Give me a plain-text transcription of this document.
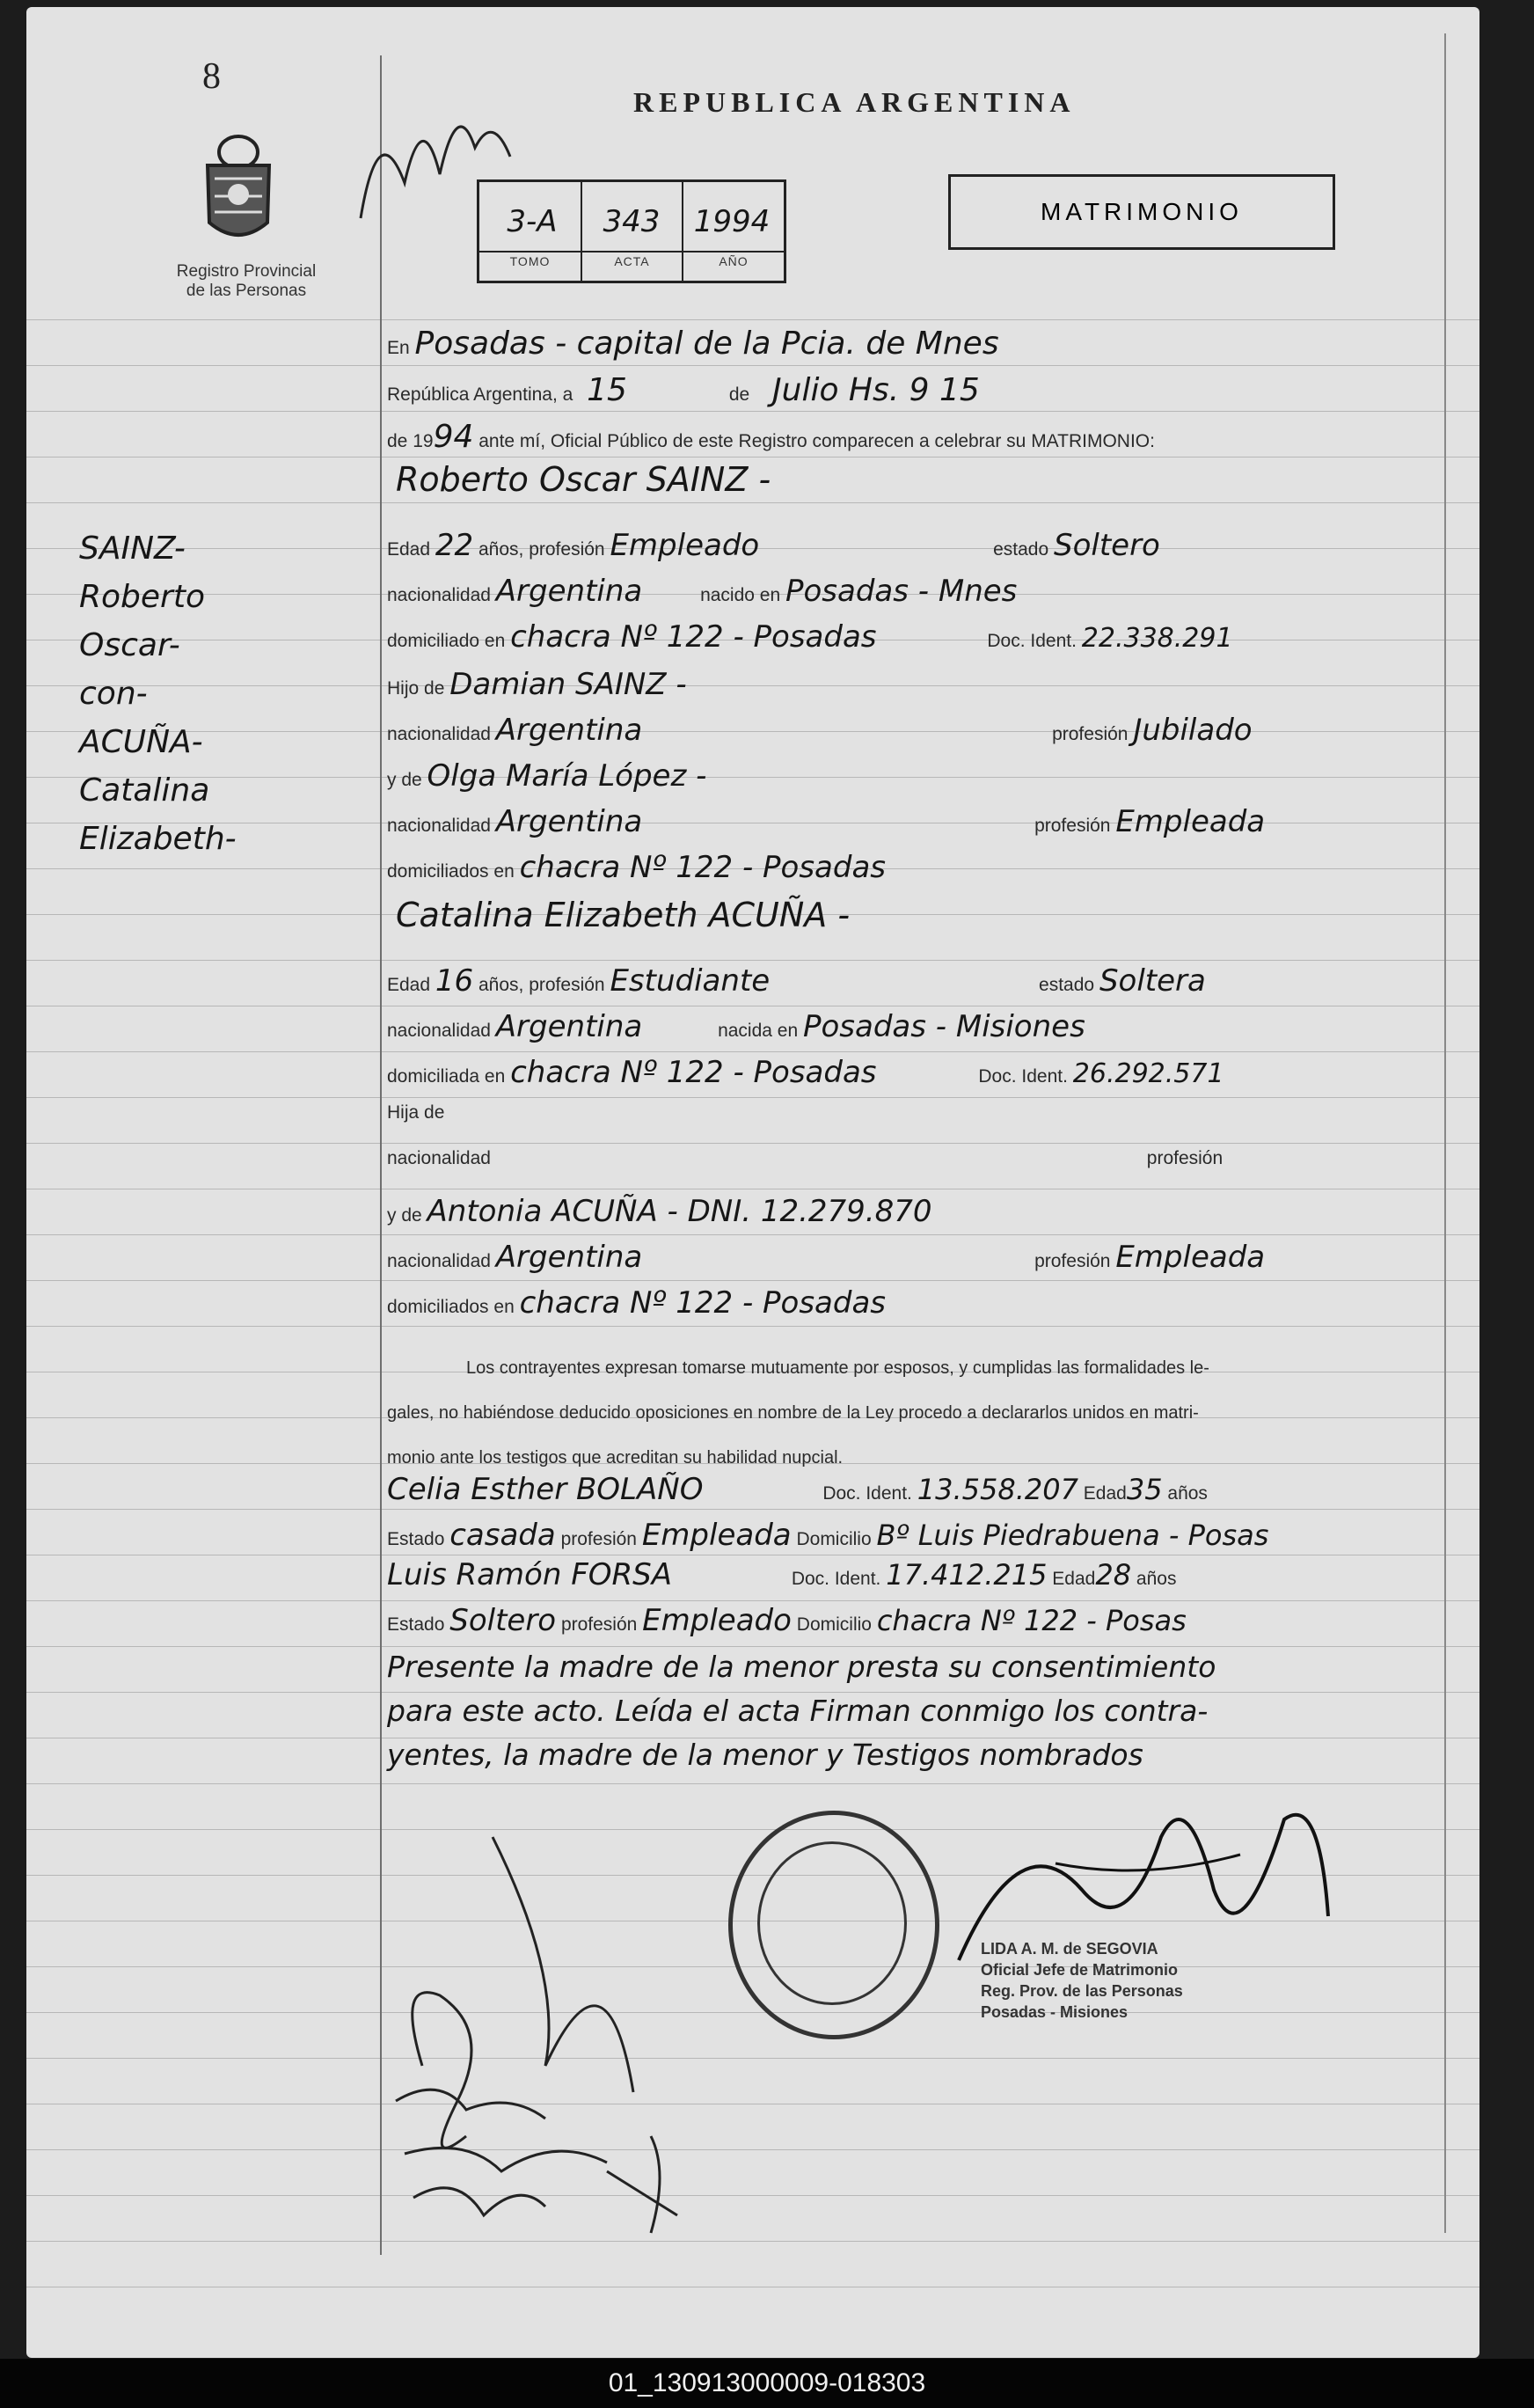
8
Registro Provincial
de las Personas
REPUBLICA ARGENTINA
3-A	343	1994
TOMO	ACTA	AÑO
MATRIMONIO
SAINZ-
Roberto
Oscar-
con-
ACUÑA-
Catalina
Elizabeth-
En Posadas - capital de la Pcia. de Mnes
República Argentina, a 15	de Julio Hs. 9 15
de 1994 ante mí, Oficial Público de este Registro comparecen a celebrar su MATRIMONIO:
Roberto Oscar SAINZ -
Edad 22 años, profesión Empleado	estado Soltero
nacionalidad Argentina	nacido en Posadas - Mnes
domiciliado en chacra Nº 122 - Posadas	Doc. Ident. 22.338.291
Hijo de Damian SAINZ -
nacionalidad Argentina	profesión Jubilado
y de Olga María López -
nacionalidad Argentina	profesión Empleada
domiciliados en chacra Nº 122 - Posadas
Catalina Elizabeth ACUÑA -
Edad 16 años, profesión Estudiante	estado Soltera
nacionalidad Argentina	nacida en Posadas - Misiones
domiciliada en chacra Nº 122 - Posadas	Doc. Ident. 26.292.571
Hija de
nacionalidad	profesión
y de Antonia ACUÑA - DNI. 12.279.870
nacionalidad Argentina	profesión Empleada
domiciliados en chacra Nº 122 - Posadas
Los contrayentes expresan tomarse mutuamente por esposos, y cumplidas las formalidades le-
gales, no habiéndose deducido oposiciones en nombre de la Ley procedo a declararlos unidos en matri-
monio ante los testigos que acreditan su habilidad nupcial.
Celia Esther BOLAÑO	Doc. Ident. 13.558.207 Edad35 años
Estado casada profesión Empleada Domicilio Bº Luis Piedrabuena - Posas
Luis Ramón FORSA	Doc. Ident. 17.412.215 Edad28 años
Estado Soltero profesión Empleado Domicilio chacra Nº 122 - Posas
Presente la madre de la menor presta su consentimiento
para este acto. Leída el acta Firman conmigo los contra-
yentes, la madre de la menor y Testigos nombrados
LIDA A. M. de SEGOVIA
Oficial Jefe de Matrimonio
Reg. Prov. de las Personas
Posadas - Misiones
01_130913000009-018303
